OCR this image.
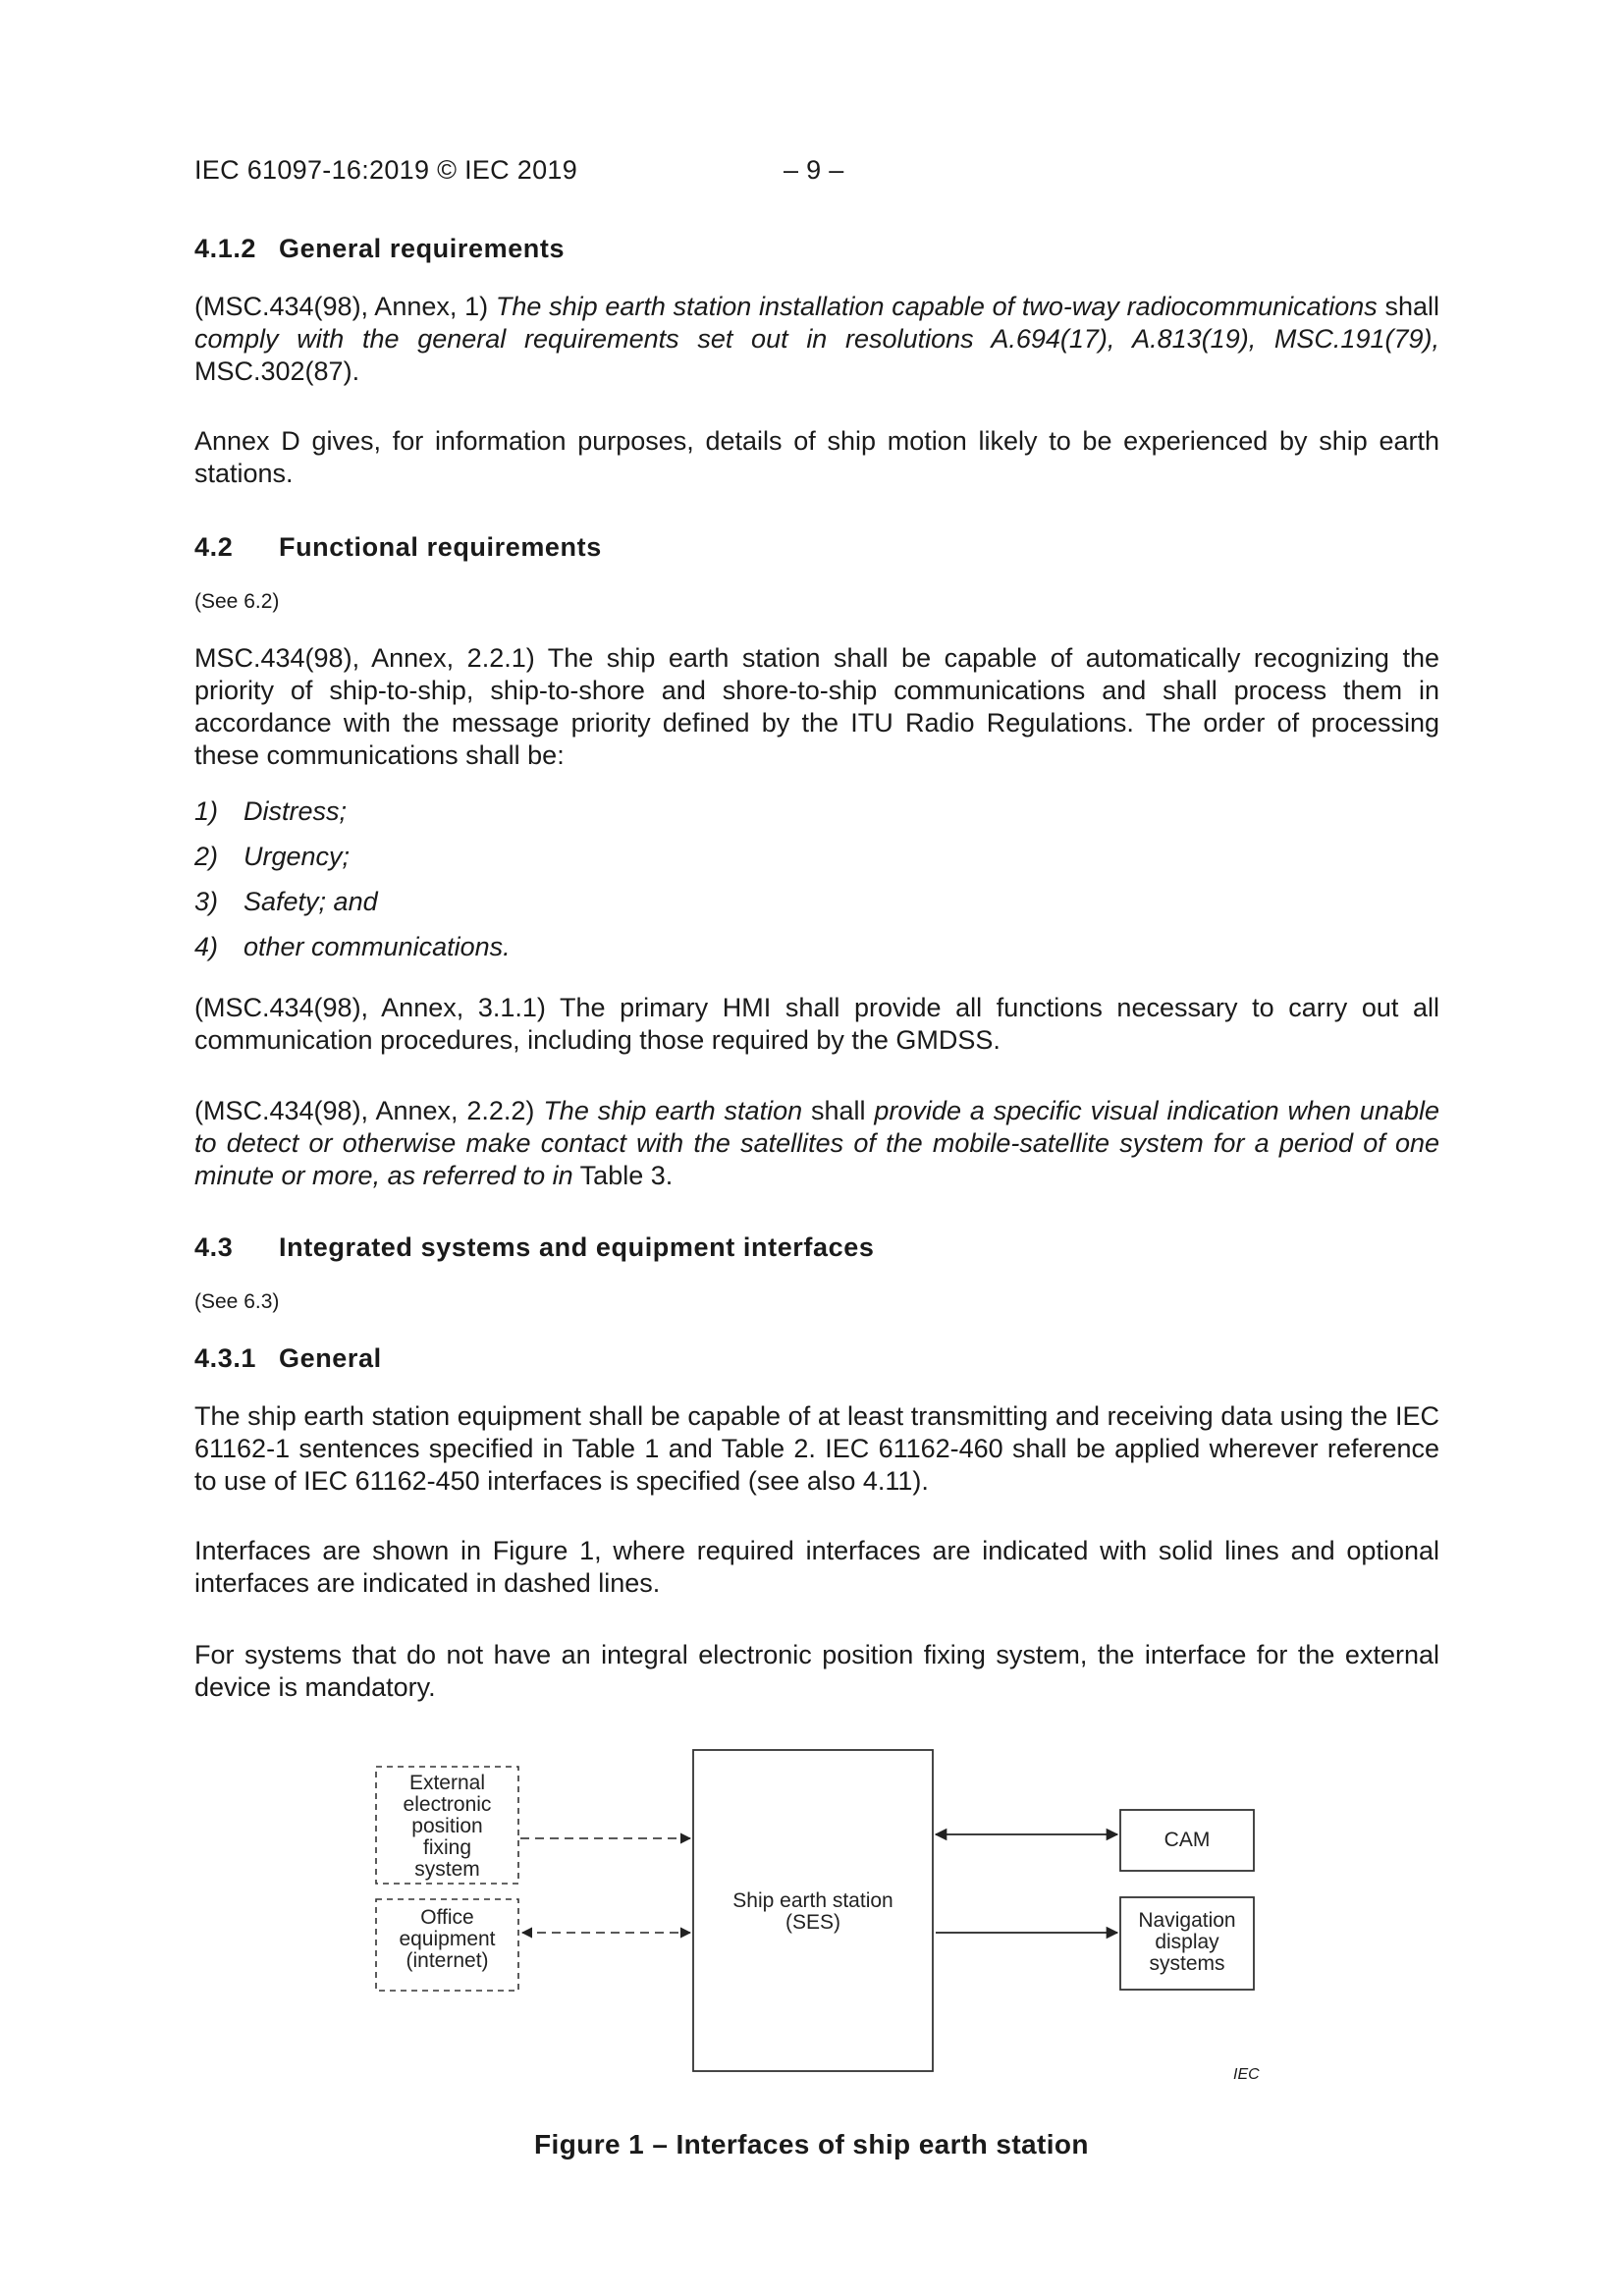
IEC 61097-16:2019 © IEC 2019	– 9 –
4.1.2 General requirements

(MSC.434(98), Annex, 1) The ship earth station installation capable of two-way radiocommunications shall comply with the general requirements set out in resolutions A.694(17), A.813(19), MSC.191(79), MSC.302(87).

Annex D gives, for information purposes, details of ship motion likely to be experienced by ship earth stations.

4.2 Functional requirements
(See 6.2)

MSC.434(98), Annex, 2.2.1) The ship earth station shall be capable of automatically recognizing the priority of ship-to-ship, ship-to-shore and shore-to-ship communications and shall process them in accordance with the message priority defined by the ITU Radio Regulations. The order of processing these communications shall be:

1) Distress;
2) Urgency;
3) Safety; and
4) other communications.

(MSC.434(98), Annex, 3.1.1) The primary HMI shall provide all functions necessary to carry out all communication procedures, including those required by the GMDSS.

(MSC.434(98), Annex, 2.2.2) The ship earth station shall provide a specific visual indication when unable to detect or otherwise make contact with the satellites of the mobile-satellite system for a period of one minute or more, as referred to in Table 3.

4.3 Integrated systems and equipment interfaces
(See 6.3)
4.3.1 General

The ship earth station equipment shall be capable of at least transmitting and receiving data using the IEC 61162-1 sentences specified in Table 1 and Table 2. IEC 61162-460 shall be applied wherever reference to use of IEC 61162-450 interfaces is specified (see also 4.11).

Interfaces are shown in Figure 1, where required interfaces are indicated with solid lines and optional interfaces are indicated in dashed lines.

For systems that do not have an integral electronic position fixing system, the interface for the external device is mandatory.

External
electronic
position
fixing
system
Office
equipment
(internet)
Ship earth station
(SES)
CAM
Navigation
display
systems
IEC
Figure 1 – Interfaces of ship earth station
